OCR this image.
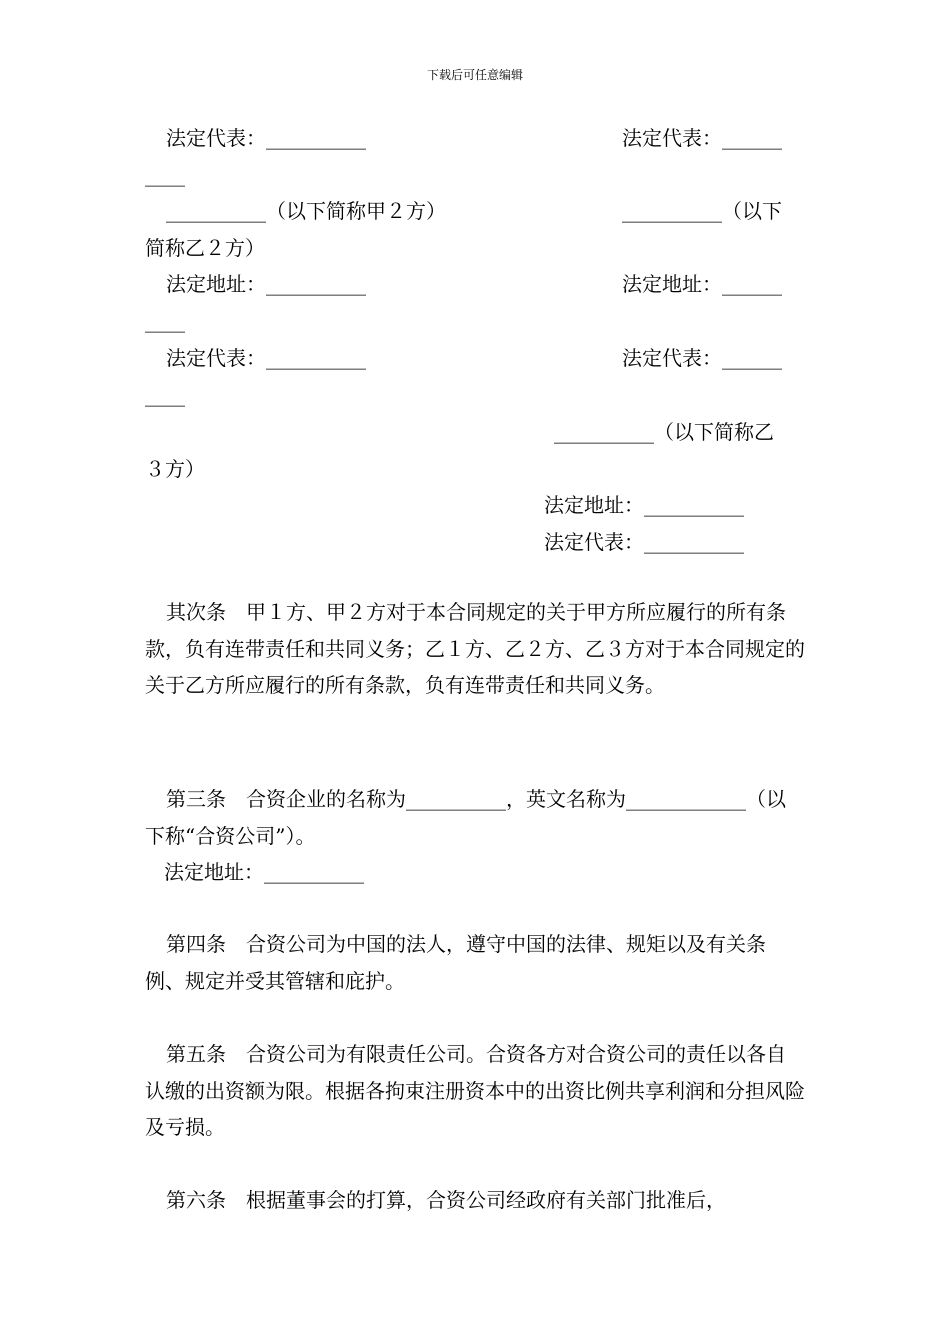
下载后可任意编辑
法定代表：__________	法定代表：______
____
__________（以下简称甲２方）	__________（以下
简称乙２方）
法定地址：__________	法定地址：______
____
法定代表：__________	法定代表：______
____
__________（以下简称乙
３方）
法定地址：__________
法定代表：__________
其次条　甲１方、甲２方对于本合同规定的关于甲方所应履行的所有条款，负有连带责任和共同义务；乙１方、乙２方、乙３方对于本合同规定的关于乙方所应履行的所有条款，负有连带责任和共同义务。
第三条　合资企业的名称为__________，英文名称为____________（以下称“合资公司”）。
法定地址：__________
第四条　合资公司为中国的法人，遵守中国的法律、规矩以及有关条例、规定并受其管辖和庇护。
第五条　合资公司为有限责任公司。合资各方对合资公司的责任以各自认缴的出资额为限。根据各拘束注册资本中的出资比例共享利润和分担风险及亏损。
第六条　根据董事会的打算，合资公司经政府有关部门批准后，
